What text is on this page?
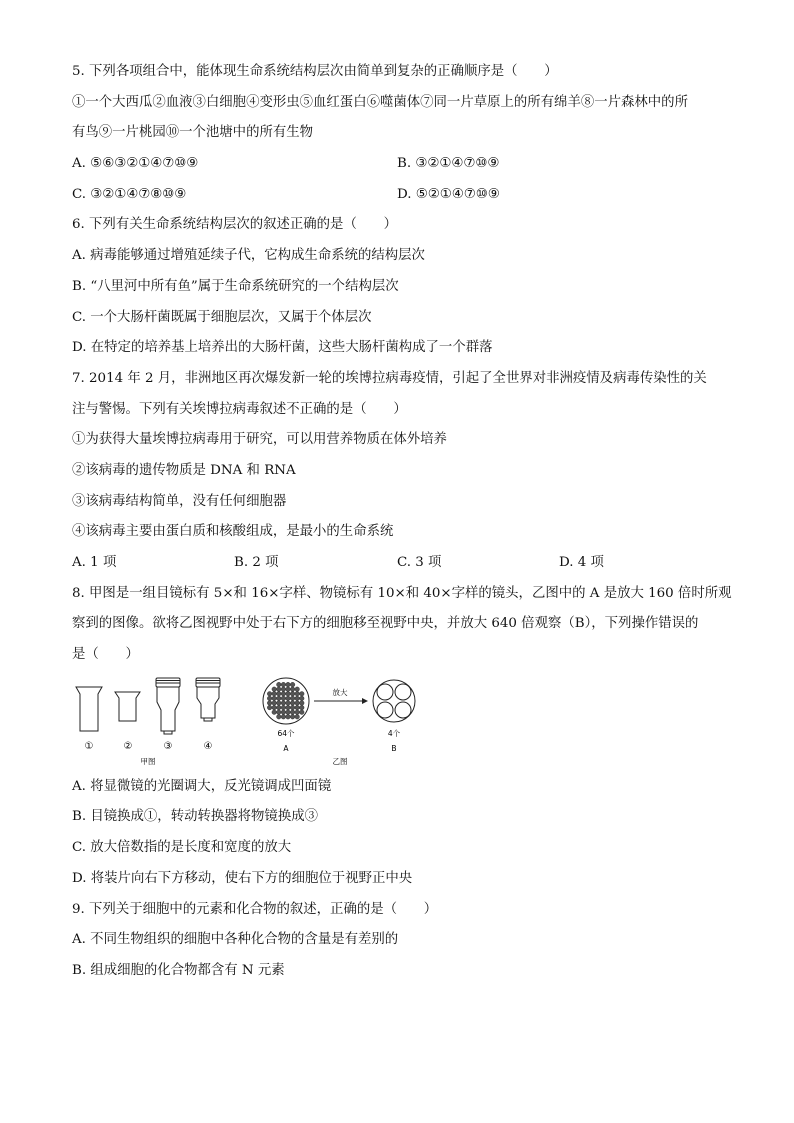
5. 下列各项组合中，能体现生命系统结构层次由简单到复杂的正确顺序是（　　）
①一个大西瓜②血液③白细胞④变形虫⑤血红蛋白⑥噬菌体⑦同一片草原上的所有绵羊⑧一片森林中的所
有鸟⑨一片桃园⑩一个池塘中的所有生物
A. ⑤⑥③②①④⑦⑩⑨	B. ③②①④⑦⑩⑨
C. ③②①④⑦⑧⑩⑨	D. ⑤②①④⑦⑩⑨
6. 下列有关生命系统结构层次的叙述正确的是（　　）
A. 病毒能够通过增殖延续子代，它构成生命系统的结构层次
B. “八里河中所有鱼”属于生命系统研究的一个结构层次
C. 一个大肠杆菌既属于细胞层次，又属于个体层次
D. 在特定的培养基上培养出的大肠杆菌，这些大肠杆菌构成了一个群落
7. 2014 年 2 月，非洲地区再次爆发新一轮的埃博拉病毒疫情，引起了全世界对非洲疫情及病毒传染性的关
注与警惕。下列有关埃博拉病毒叙述不正确的是（　　）
①为获得大量埃博拉病毒用于研究，可以用营养物质在体外培养
②该病毒的遗传物质是 DNA 和 RNA
③该病毒结构简单，没有任何细胞器
④该病毒主要由蛋白质和核酸组成，是最小的生命系统
A. 1 项	B. 2 项	C. 3 项	D. 4 项
8. 甲图是一组目镜标有 5×和 16×字样、物镜标有 10×和 40×字样的镜头，乙图中的 A 是放大 160 倍时所观
察到的图像。欲将乙图视野中处于右下方的细胞移至视野中央，并放大 640 倍观察（B），下列操作错误的
是（　　）
①	②	③	④
甲图
64个
A
放大
4个
B
乙图
A. 将显微镜的光圈调大，反光镜调成凹面镜
B. 目镜换成①，转动转换器将物镜换成③
C. 放大倍数指的是长度和宽度的放大
D. 将装片向右下方移动，使右下方的细胞位于视野正中央
9. 下列关于细胞中的元素和化合物的叙述，正确的是（　　）
A. 不同生物组织的细胞中各种化合物的含量是有差别的
B. 组成细胞的化合物都含有 N 元素
